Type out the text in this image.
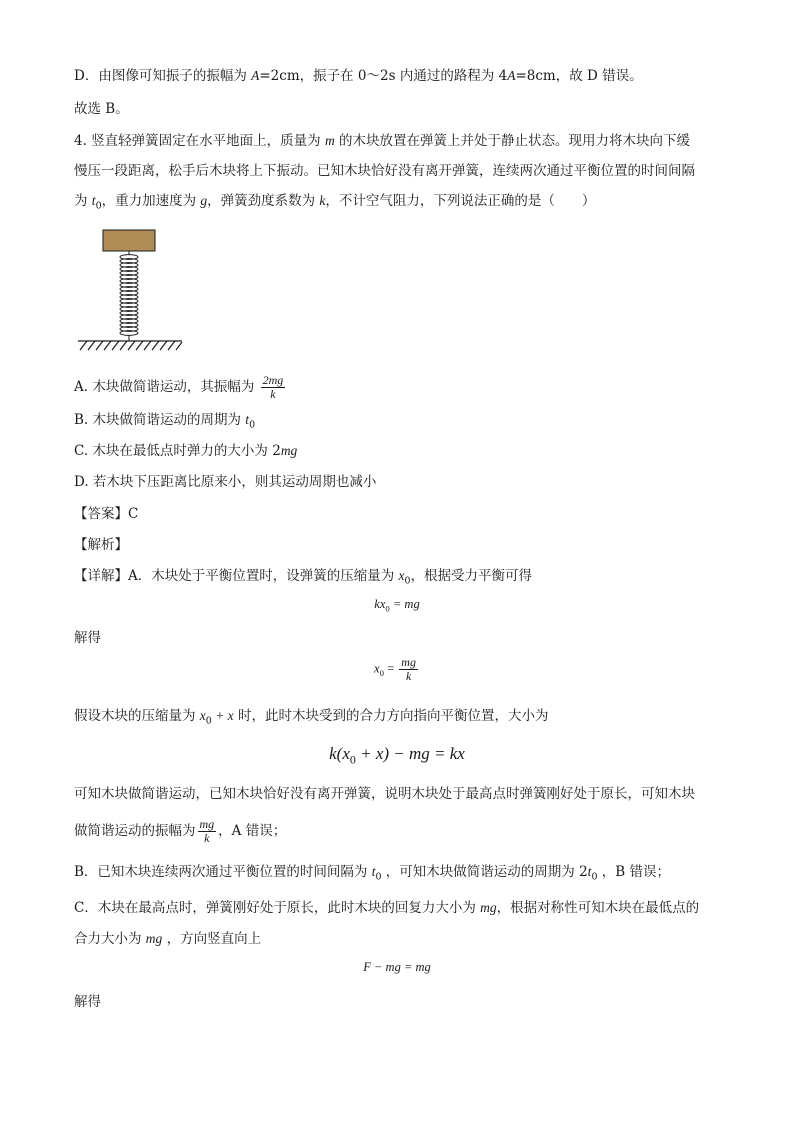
D．由图像可知振子的振幅为 A=2cm，振子在 0～2s 内通过的路程为 4A=8cm，故 D 错误。
故选 B。
4. 竖直轻弹簧固定在水平地面上，质量为 m 的木块放置在弹簧上并处于静止状态。现用力将木块向下缓
慢压一段距离，松手后木块将上下振动。已知木块恰好没有离开弹簧，连续两次通过平衡位置的时间间隔
为 $t_0$，重力加速度为 g，弹簧劲度系数为 k，不计空气阻力，下列说法正确的是（　　）
A. 木块做简谐运动，其振幅为 $\frac{2mg}{k}$
B. 木块做简谐运动的周期为 $t_0$
C. 木块在最低点时弹力的大小为 2mg
D. 若木块下压距离比原来小，则其运动周期也减小
【答案】C
【解析】
【详解】A．木块处于平衡位置时，设弹簧的压缩量为 $x_0$，根据受力平衡可得
$kx_0$ = mg
解得
$x_0 = \frac{mg}{k}$
假设木块的压缩量为 $x_0 + x$ 时，此时木块受到的合力方向指向平衡位置，大小为
$k(x_0 + x)$ − mg = kx
可知木块做简谐运动，已知木块恰好没有离开弹簧，说明木块处于最高点时弹簧刚好处于原长，可知木块
做简谐运动的振幅为 $\frac{mg}{k}$ ，A 错误；
B．已知木块连续两次通过平衡位置的时间间隔为 $t_0$ ，可知木块做简谐运动的周期为 $2t_0$ ，B 错误；
C．木块在最高点时，弹簧刚好处于原长，此时木块的回复力大小为 mg，根据对称性可知木块在最低点的
合力大小为 mg ，方向竖直向上
F − mg = mg
解得
